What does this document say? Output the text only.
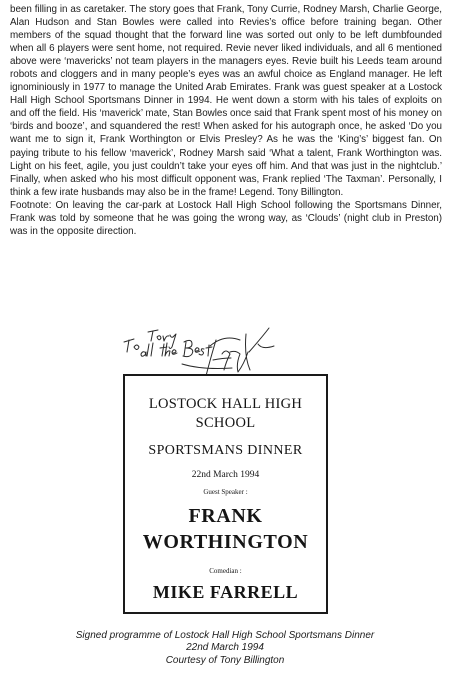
been filling in as caretaker. The story goes that Frank, Tony Currie, Rodney Marsh, Charlie George, Alan Hudson and Stan Bowles were called into Revies’s office before training began. Other members of the squad thought that the forward line was sorted out only to be left dumbfounded when all 6 players were sent home, not required. Revie never liked individuals, and all 6 mentioned above were ‘mavericks’ not team players in the managers eyes. Revie built his Leeds team around robots and cloggers and in many people’s eyes was an awful choice as England manager. He left ignominiously in 1977 to manage the United Arab Emirates. Frank was guest speaker at a Lostock Hall High School Sportsmans Dinner in 1994. He went down a storm with his tales of exploits on and off the field. His ‘maverick’ mate, Stan Bowles once said that Frank spent most of his money on ‘birds and booze’, and squandered the rest! When asked for his autograph once, he asked ‘Do you want me to sign it, Frank Worthington or Elvis Presley? As he was the ‘King’s’ biggest fan. On paying tribute to his fellow ‘maverick’, Rodney Marsh said ‘What a talent, Frank Worthington was. Light on his feet, agile, you just couldn’t take your eyes off him. And that was just in the nightclub.’ Finally, when asked who his most difficult opponent was, Frank replied ‘The Taxman’. Personally, I think a few irate husbands may also be in the frame! Legend. Tony Billington.

Footnote: On leaving the car-park at Lostock Hall High School following the Sportsmans Dinner, Frank was told by someone that he was going the wrong way, as ‘Clouds’ (night club in Preston) was in the opposite direction.

LOSTOCK HALL HIGH
SCHOOL
SPORTSMANS DINNER
22nd March 1994
Guest Speaker :
FRANK
WORTHINGTON
Comedian :
MIKE FARRELL
Signed programme of Lostock Hall High School Sportsmans Dinner
22nd March 1994
Courtesy of Tony Billington
